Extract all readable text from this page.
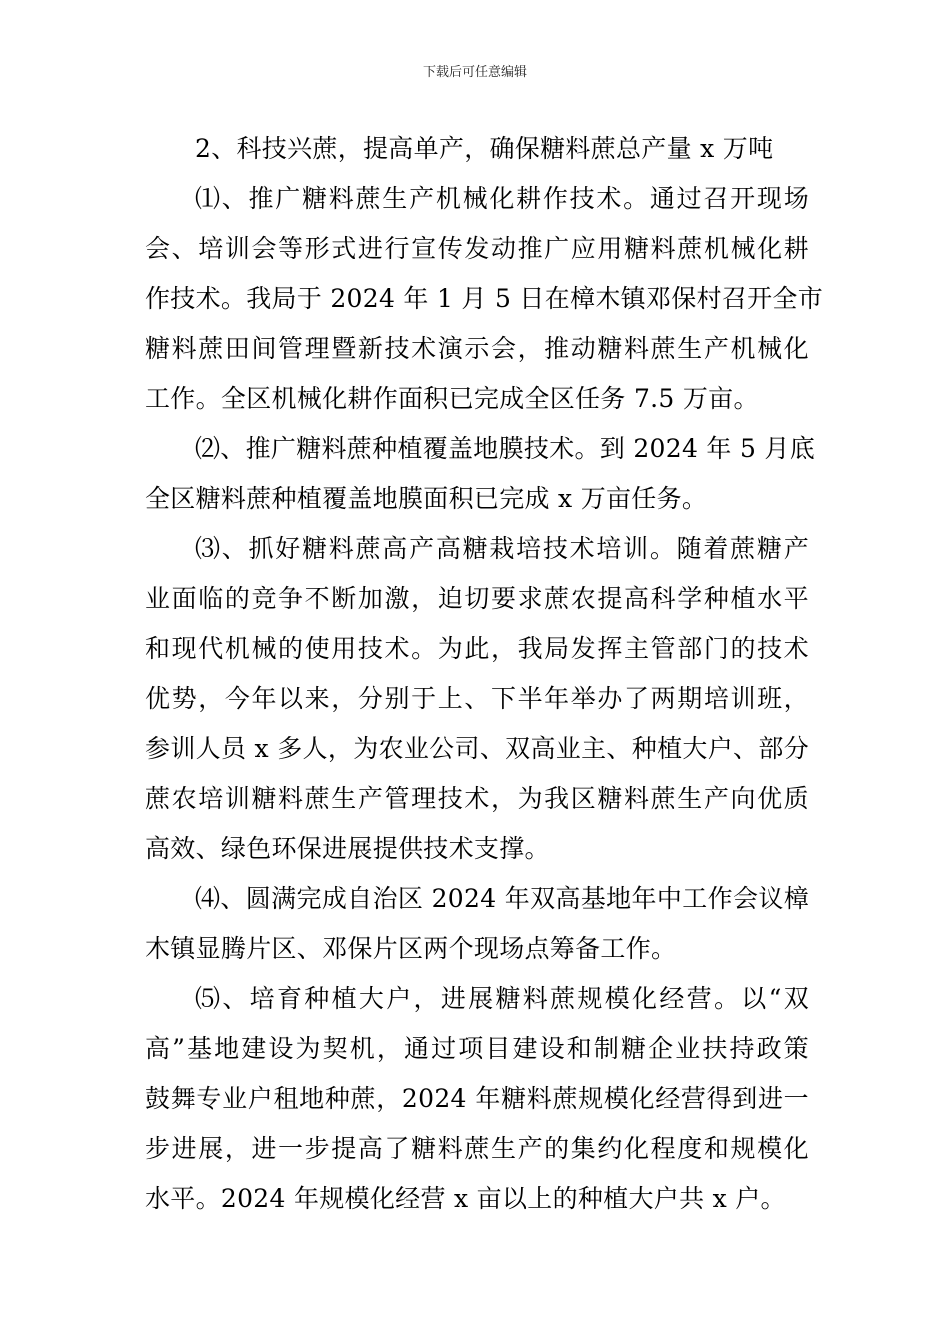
下载后可任意编辑
2、科技兴蔗，提高单产，确保糖料蔗总产量 x 万吨
⑴、推广糖料蔗生产机械化耕作技术。通过召开现场
会、培训会等形式进行宣传发动推广应用糖料蔗机械化耕
作技术。我局于 2024 年 1 月 5 日在樟木镇邓保村召开全市
糖料蔗田间管理暨新技术演示会，推动糖料蔗生产机械化
工作。全区机械化耕作面积已完成全区任务 7.5 万亩。
⑵、推广糖料蔗种植覆盖地膜技术。到 2024 年 5 月底
全区糖料蔗种植覆盖地膜面积已完成 x 万亩任务。
⑶、抓好糖料蔗高产高糖栽培技术培训。随着蔗糖产
业面临的竞争不断加激，迫切要求蔗农提高科学种植水平
和现代机械的使用技术。为此，我局发挥主管部门的技术
优势，今年以来，分别于上、下半年举办了两期培训班，
参训人员 x 多人，为农业公司、双高业主、种植大户、部分
蔗农培训糖料蔗生产管理技术，为我区糖料蔗生产向优质
高效、绿色环保进展提供技术支撑。
⑷、圆满完成自治区 2024 年双高基地年中工作会议樟
木镇显腾片区、邓保片区两个现场点筹备工作。
⑸、培育种植大户，进展糖料蔗规模化经营。以“双
高”基地建设为契机，通过项目建设和制糖企业扶持政策
鼓舞专业户租地种蔗，2024 年糖料蔗规模化经营得到进一
步进展，进一步提高了糖料蔗生产的集约化程度和规模化
水平。2024 年规模化经营 x 亩以上的种植大户共 x 户。
